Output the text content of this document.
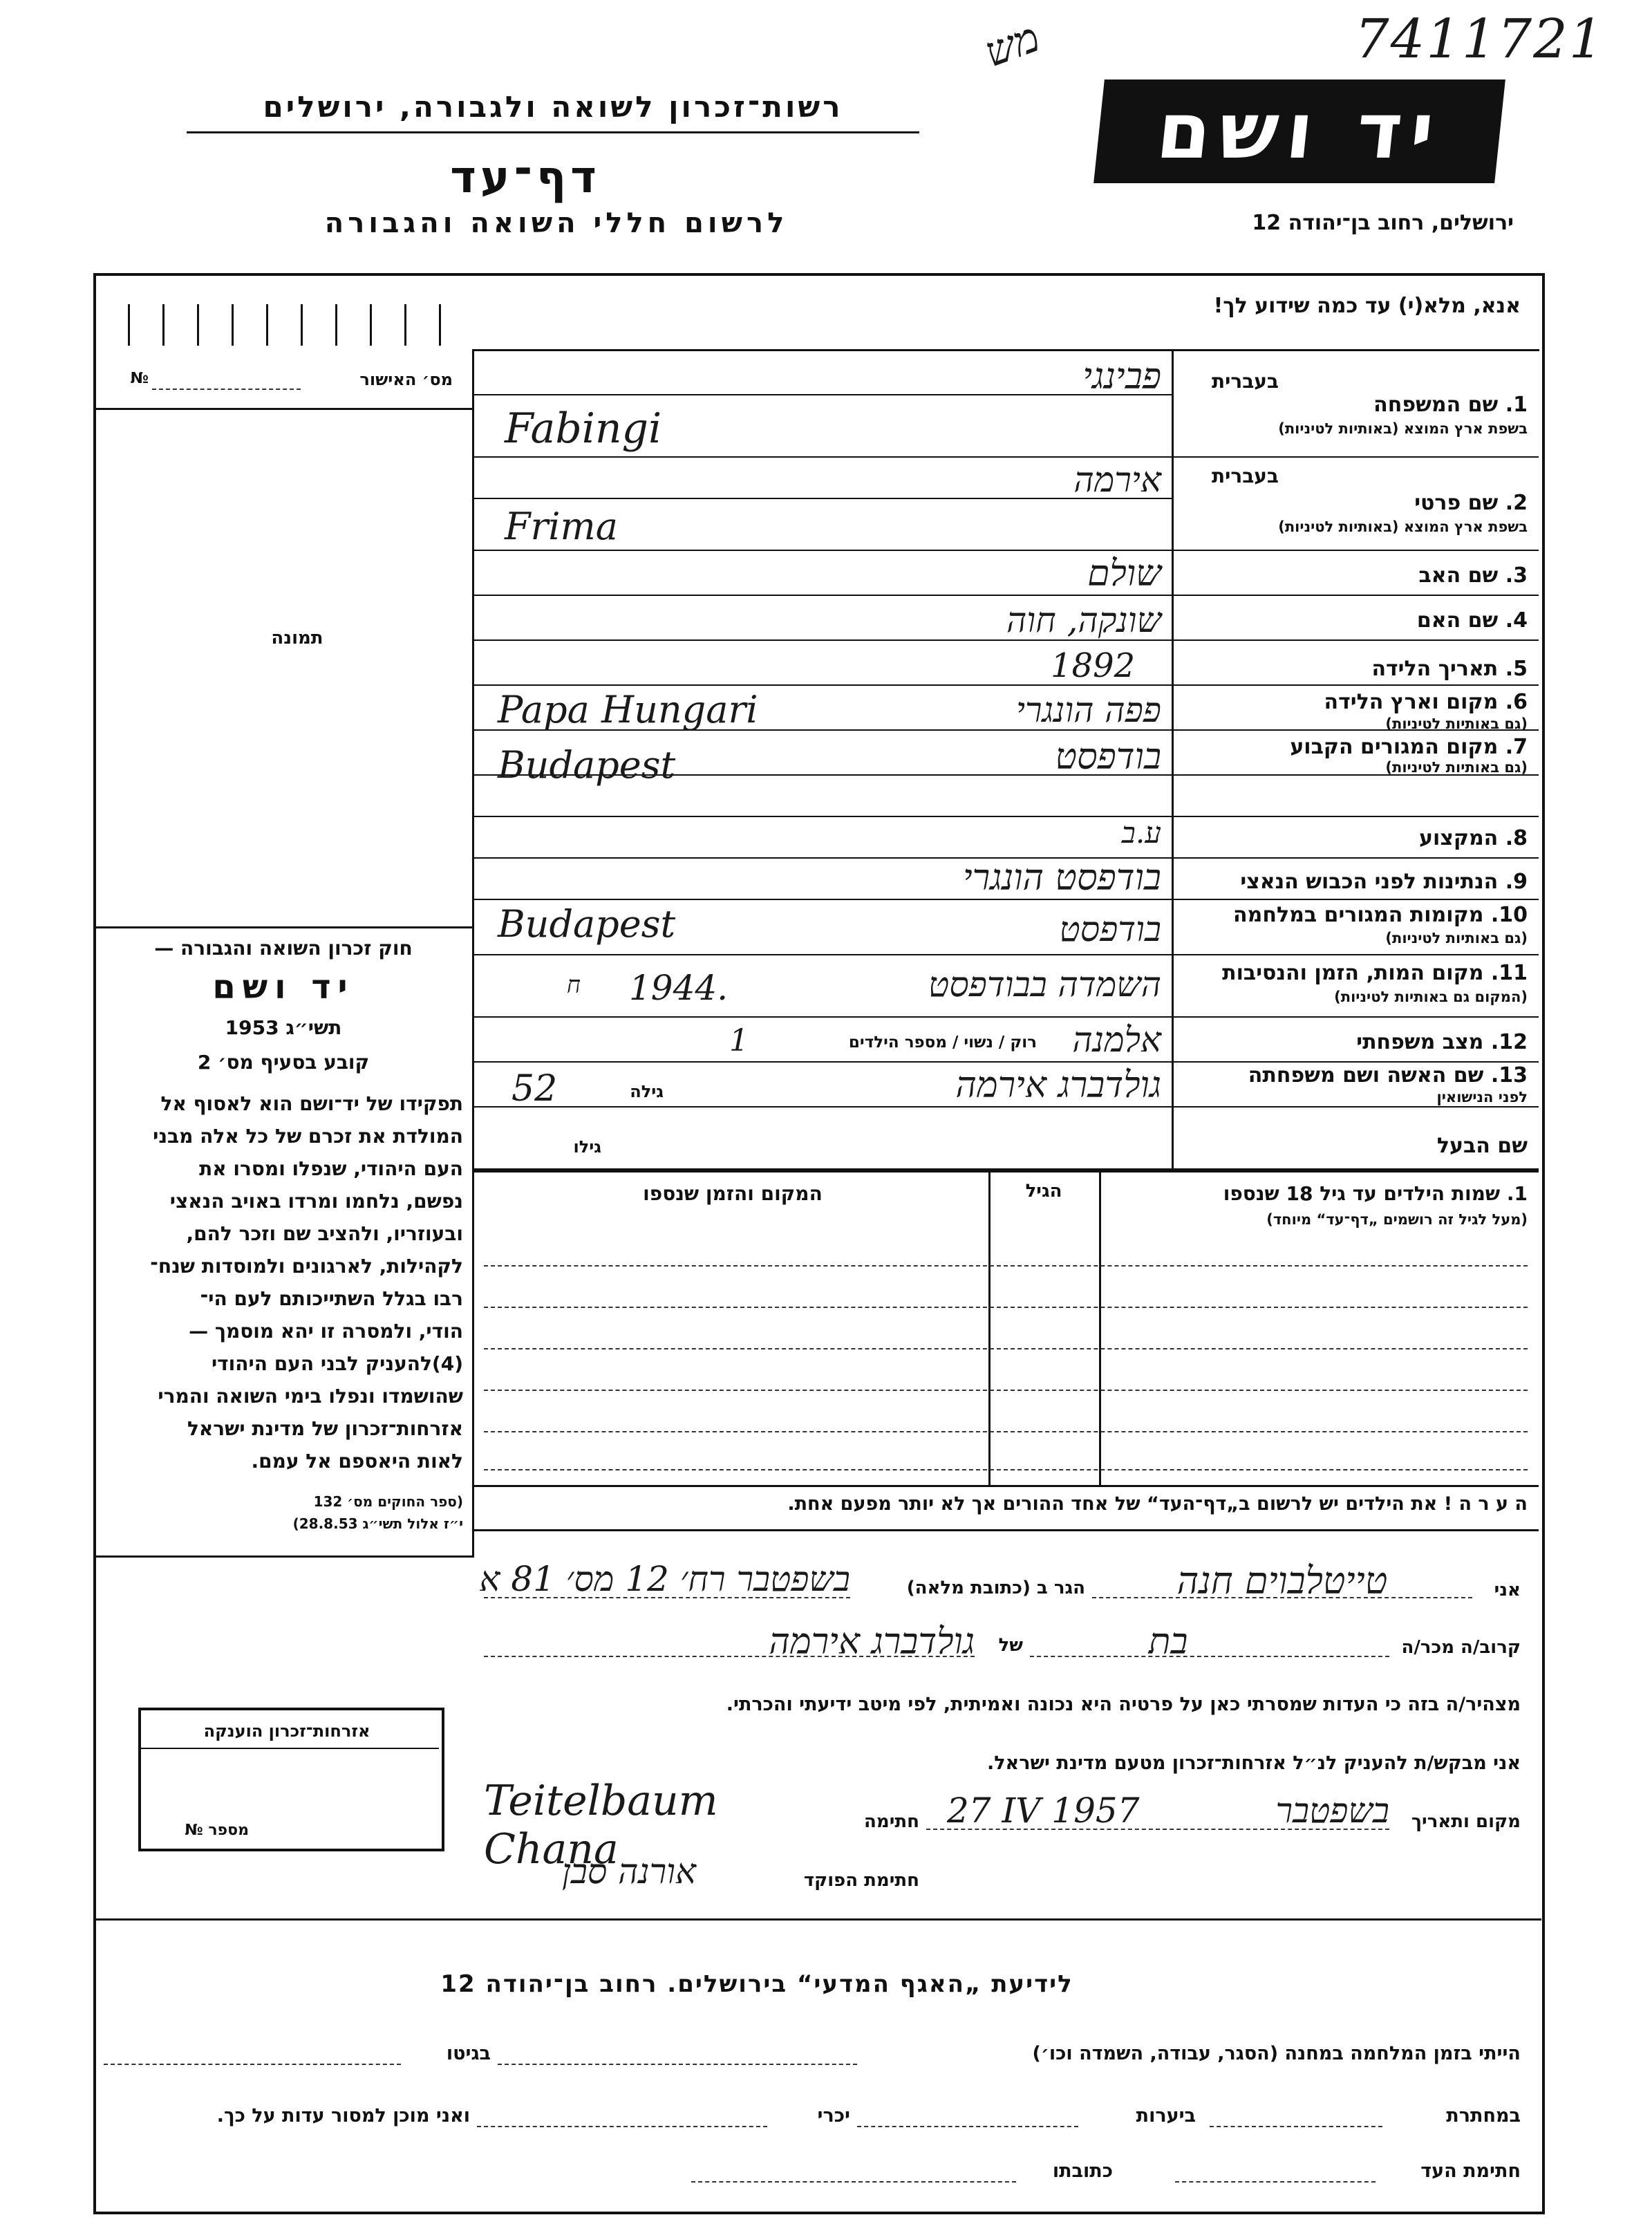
7411721
מש
יד ושם
רשות־זכרון לשואה ולגבורה, ירושלים
דף־עד
לרשום חללי השואה והגבורה	ירושלים, רחוב בן־יהודה 12
אנא, מלא(י) עד כמה שידוע לך!
מס׳ האישור
№
תמונה
חוק זכרון השואה והגבורה —
יד ושם
תשי״ג 1953
קובע בסעיף מס׳ 2
תפקידו של יד־ושם הוא לאסוף אל
המולדת את זכרם של כל אלה מבני
העם היהודי, שנפלו ומסרו את
נפשם, נלחמו ומרדו באויב הנאצי
ובעוזריו, ולהציב שם וזכר להם,
לקהילות, לארגונים ולמוסדות שנח־
רבו בגלל השתייכותם לעם הי־
הודי, ולמסרה זו יהא מוסמך —
(4)להעניק לבני העם היהודי
שהושמדו ונפלו בימי השואה והמרי
אזרחות־זכרון של מדינת ישראל
לאות היאספם אל עמם.
(ספר החוקים מס׳ 132
י״ז אלול תשי״ג 28.8.53)
אזרחות־זכרון הוענקה
מספר №
בעברית
1. שם המשפחה
בשפת ארץ המוצא (באותיות לטיניות)
בעברית
2. שם פרטי
בשפת ארץ המוצא (באותיות לטיניות)
3. שם האב
4. שם האם
5. תאריך הלידה
6. מקום וארץ הלידה
(גם באותיות לטיניות)
7. מקום המגורים הקבוע
(גם באותיות לטיניות)
8. המקצוע
9. הנתינות לפני הכבוש הנאצי
10. מקומות המגורים במלחמה
(גם באותיות לטיניות)
11. מקום המות, הזמן והנסיבות
(המקום גם באותיות לטיניות)
12. מצב משפחתי
13. שם האשה ושם משפחתה
לפני הנישואין
שם הבעל
פבינגי
Fabingi
אירמה
Frima
שולם
שונקה, חוה
1892
פפה הונגרי
Papa Hungari
בודפסט
Budapest
ע.ב
בודפסט הונגרי
בודפסט
Budapest
השמדה בבודפסט
1944.
ח
אלמנה
רוק / נשוי / מספר הילדים
1
גולדברג אירמה
גילה
52
גילו
1. שמות הילדים עד גיל 18 שנספו
(מעל לגיל זה רושמים „דף־עד“ מיוחד)
הגיל
המקום והזמן שנספו
ה ע ר ה ! את הילדים יש לרשום ב„דף־העד“ של אחד ההורים אך לא יותר מפעם אחת.
אני
טייטלבוים חנה
הגר ב (כתובת מלאה)
בשפטבר רח׳ 12 מס׳ 81 א
קרוב/ה מכר/ה
בת
של
גולדברג אירמה
מצהיר/ה בזה כי העדות שמסרתי כאן על פרטיה היא נכונה ואמיתית, לפי מיטב ידיעתי והכרתי.
אני מבקש/ת להעניק לנ״ל אזרחות־זכרון מטעם מדינת ישראל.
מקום ותאריך
בשפטבר
27 IV 1957
חתימה
Teitelbaum Chana
חתימת הפוקד
אורנה סבן
לידיעת „האגף המדעי“ בירושלים. רחוב בן־יהודה 12
הייתי בזמן המלחמה במחנה (הסגר, עבודה, השמדה וכו׳)
בגיטו
במחתרת
ביערות
יכרי
ואני מוכן למסור עדות על כך.
חתימת העד
כתובתו
